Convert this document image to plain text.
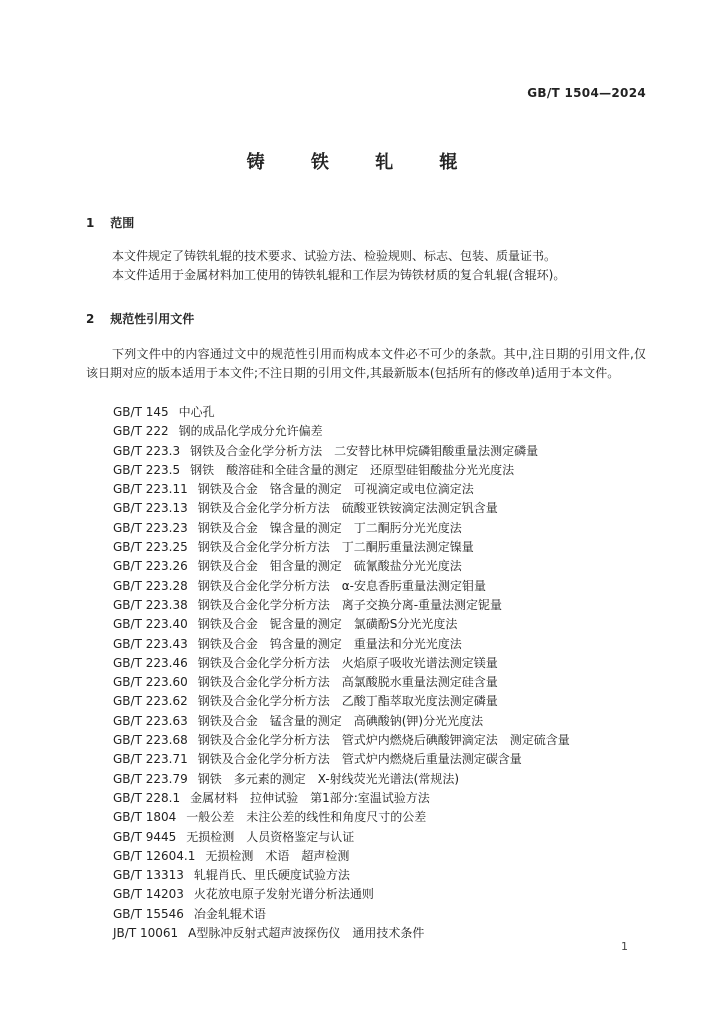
GB/T 1504—2024
铸 铁 轧 辊
1 范围
本文件规定了铸铁轧辊的技术要求、试验方法、检验规则、标志、包装、质量证书。
本文件适用于金属材料加工使用的铸铁轧辊和工作层为铸铁材质的复合轧辊(含辊环)。
2 规范性引用文件
下列文件中的内容通过文中的规范性引用而构成本文件必不可少的条款。其中,注日期的引用文件,仅该日期对应的版本适用于本文件;不注日期的引用文件,其最新版本(包括所有的修改单)适用于本文件。
GB/T 145 中心孔
GB/T 222 钢的成品化学成分允许偏差
GB/T 223.3 钢铁及合金化学分析方法　二安替比林甲烷磷钼酸重量法测定磷量
GB/T 223.5 钢铁　酸溶硅和全硅含量的测定　还原型硅钼酸盐分光光度法
GB/T 223.11 钢铁及合金　铬含量的测定　可视滴定或电位滴定法
GB/T 223.13 钢铁及合金化学分析方法　硫酸亚铁铵滴定法测定钒含量
GB/T 223.23 钢铁及合金　镍含量的测定　丁二酮肟分光光度法
GB/T 223.25 钢铁及合金化学分析方法　丁二酮肟重量法测定镍量
GB/T 223.26 钢铁及合金　钼含量的测定　硫氰酸盐分光光度法
GB/T 223.28 钢铁及合金化学分析方法　α-安息香肟重量法测定钼量
GB/T 223.38 钢铁及合金化学分析方法　离子交换分离-重量法测定铌量
GB/T 223.40 钢铁及合金　铌含量的测定　氯磺酚S分光光度法
GB/T 223.43 钢铁及合金　钨含量的测定　重量法和分光光度法
GB/T 223.46 钢铁及合金化学分析方法　火焰原子吸收光谱法测定镁量
GB/T 223.60 钢铁及合金化学分析方法　高氯酸脱水重量法测定硅含量
GB/T 223.62 钢铁及合金化学分析方法　乙酸丁酯萃取光度法测定磷量
GB/T 223.63 钢铁及合金　锰含量的测定　高碘酸钠(钾)分光光度法
GB/T 223.68 钢铁及合金化学分析方法　管式炉内燃烧后碘酸钾滴定法　测定硫含量
GB/T 223.71 钢铁及合金化学分析方法　管式炉内燃烧后重量法测定碳含量
GB/T 223.79 钢铁　多元素的测定　X-射线荧光光谱法(常规法)
GB/T 228.1 金属材料　拉伸试验　第1部分:室温试验方法
GB/T 1804 一般公差　未注公差的线性和角度尺寸的公差
GB/T 9445 无损检测　人员资格鉴定与认证
GB/T 12604.1 无损检测　术语　超声检测
GB/T 13313 轧辊肖氏、里氏硬度试验方法
GB/T 14203 火花放电原子发射光谱分析法通则
GB/T 15546 冶金轧辊术语
JB/T 10061 A型脉冲反射式超声波探伤仪　通用技术条件
1
